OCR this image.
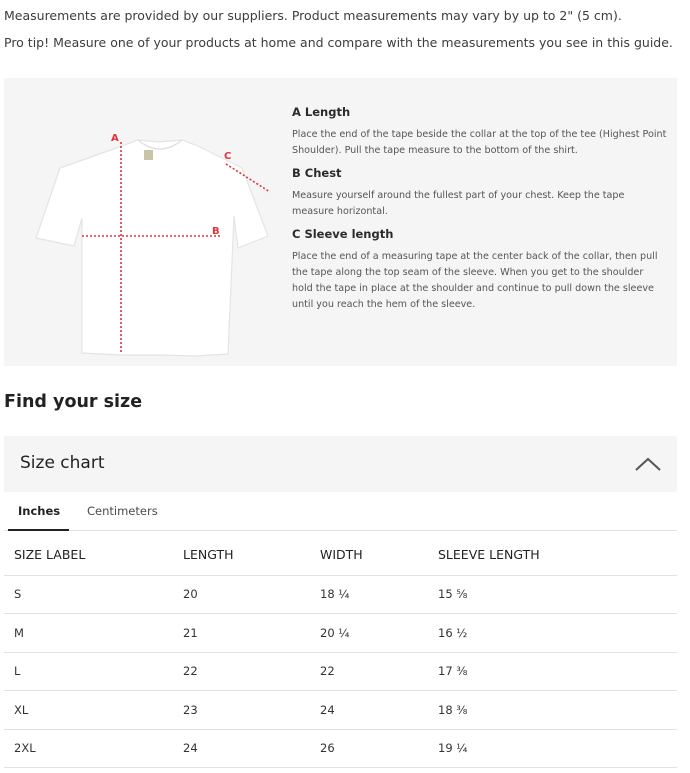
Measurements are provided by our suppliers. Product measurements may vary by up to 2" (5 cm).
Pro tip! Measure one of your products at home and compare with the measurements you see in this guide.
A
B
C
A Length
Place the end of the tape beside the collar at the top of the tee (Highest Point Shoulder). Pull the tape measure to the bottom of the shirt.
B Chest
Measure yourself around the fullest part of your chest. Keep the tape measure horizontal.
C Sleeve length
Place the end of a measuring tape at the center back of the collar, then pull the tape along the top seam of the sleeve. When you get to the shoulder hold the tape in place at the shoulder and continue to pull down the sleeve until you reach the hem of the sleeve.
Find your size
Size chart
Inches Centimeters
SIZE LABEL	LENGTH	WIDTH	SLEEVE LENGTH
S	20	18 ¼	15 ⅝
M	21	20 ¼	16 ½
L	22	22	17 ⅜
XL	23	24	18 ⅜
2XL	24	26	19 ¼
